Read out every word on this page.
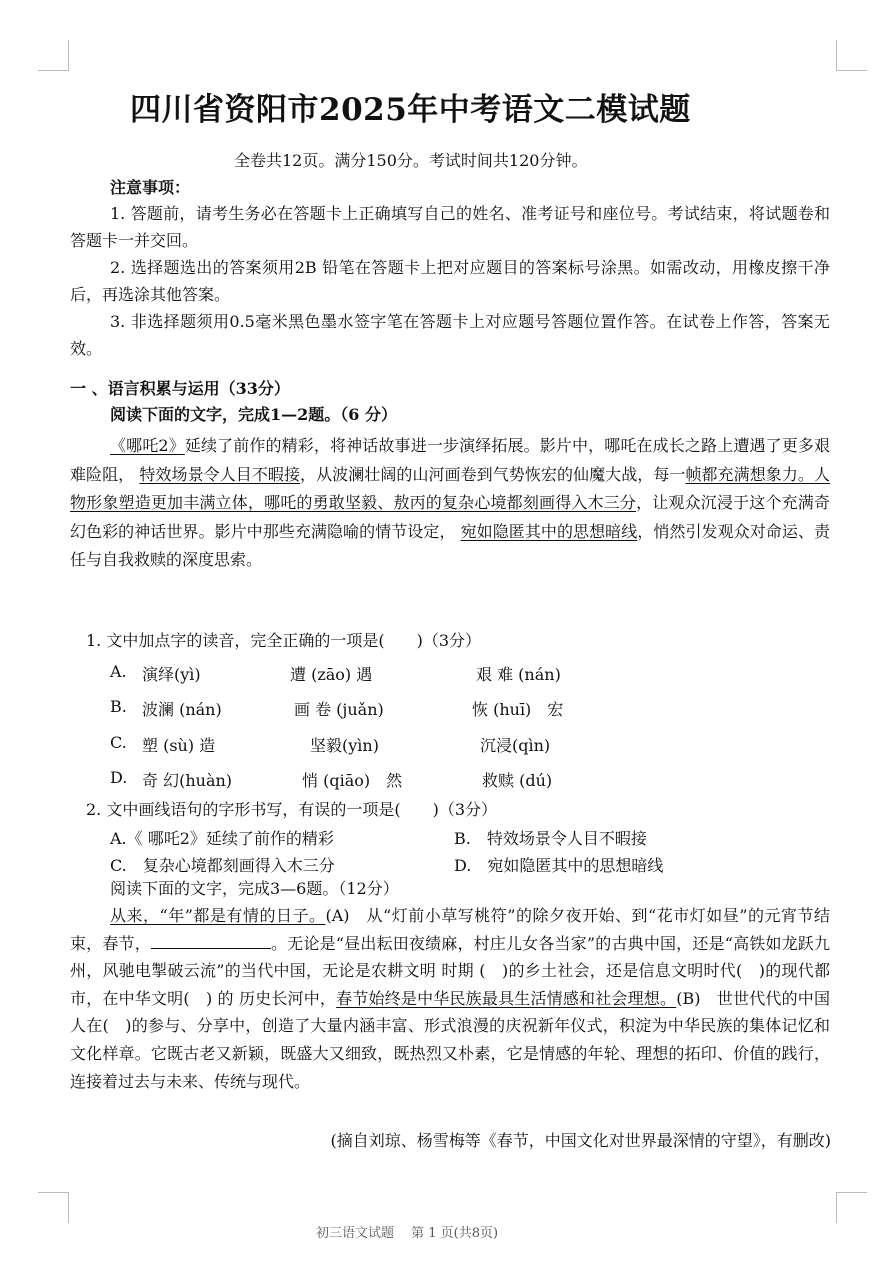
四川省资阳市2025年中考语文二模试题
全卷共12页。满分150分。考试时间共120分钟。
注意事项：
1. 答题前，请考生务必在答题卡上正确填写自己的姓名、准考证号和座位号。考试结束，将试题卷和答题卡一并交回。
2. 选择题选出的答案须用2B 铅笔在答题卡上把对应题目的答案标号涂黑。如需改动，用橡皮擦干净后，再选涂其他答案。
3. 非选择题须用0.5毫米黑色墨水签字笔在答题卡上对应题号答题位置作答。在试卷上作答，答案无效。
一 、语言积累与运用（33分）
阅读下面的文字，完成1—2题。（6 分）
《哪吒2》延续了前作的精彩，将神话故事进一步演绎拓展。影片中，哪吒在成长之路上遭遇了更多艰难险阻， 特效场景令人目不暇接，从波澜壮阔的山河画卷到气势恢宏的仙魔大战，每一帧都充满想象力。人物形象塑造更加丰满立体，哪吒的勇敢坚毅、敖丙的复杂心境都刻画得入木三分，让观众沉浸于这个充满奇幻色彩的神话世界。影片中那些充满隐喻的情节设定， 宛如隐匿其中的思想暗线，悄然引发观众对命运、责任与自我救赎的深度思索。
1. 文中加点字的读音，完全正确的一项是(　　)（3分）
A. 演绎(yì)	遭 (zāo) 遇	艰 难 (nán)
B. 波澜 (nán)	画 卷 (juǎn)	恢 (huī)　宏
C. 塑 (sù) 造	坚毅(yìn)	沉浸(qìn)
D. 奇 幻(huàn)	悄 (qiāo)　然	救赎 (dú)
2. 文中画线语句的字形书写，有误的一项是(　　)（3分）
A.《 哪吒2》延续了前作的精彩	B.　特效场景令人目不暇接
C.　复杂心境都刻画得入木三分	D.　宛如隐匿其中的思想暗线
阅读下面的文字，完成3—6题。（12分）
从来，“年”都是有情的日子。(A)　从“灯前小草写桃符”的除夕夜开始、到“花市灯如昼”的元宵节结束，春节，	。无论是“昼出耘田夜绩麻，村庄儿女各当家”的古典中国，还是“高铁如龙跃九州，风驰电掣破云流”的当代中国，无论是农耕文明 时期 (　)的乡土社会，还是信息文明时代(　)的现代都市，在中华文明(　) 的 历史长河中，春节始终是中华民族最具生活情感和社会理想。(B)　世世代代的中国人在(　)的参与、分享中，创造了大量内涵丰富、形式浪漫的庆祝新年仪式，积淀为中华民族的集体记忆和文化样章。它既古老又新颖，既盛大又细致，既热烈又朴素，它是情感的年轮、理想的拓印、价值的践行，连接着过去与未来、传统与现代。
(摘自刘琼、杨雪梅等《春节，中国文化对世界最深情的守望》，有删改)
初三语文试题　 第 1 页(共8页)
